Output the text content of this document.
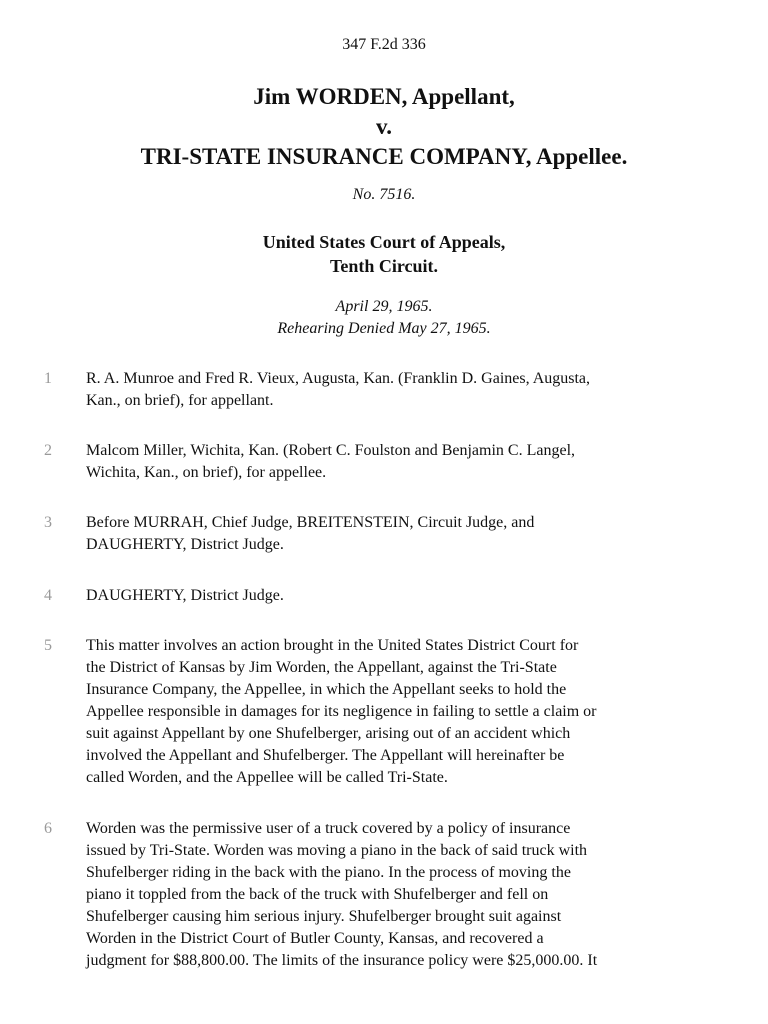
347 F.2d 336
Jim WORDEN, Appellant,
v.
TRI-STATE INSURANCE COMPANY, Appellee.
No. 7516.
United States Court of Appeals,
Tenth Circuit.
April 29, 1965.
Rehearing Denied May 27, 1965.
1	R. A. Munroe and Fred R. Vieux, Augusta, Kan. (Franklin D. Gaines, Augusta,
Kan., on brief), for appellant.
2	Malcom Miller, Wichita, Kan. (Robert C. Foulston and Benjamin C. Langel,
Wichita, Kan., on brief), for appellee.
3	Before MURRAH, Chief Judge, BREITENSTEIN, Circuit Judge, and
DAUGHERTY, District Judge.
4	DAUGHERTY, District Judge.
5	This matter involves an action brought in the United States District Court for
the District of Kansas by Jim Worden, the Appellant, against the Tri-State
Insurance Company, the Appellee, in which the Appellant seeks to hold the
Appellee responsible in damages for its negligence in failing to settle a claim or
suit against Appellant by one Shufelberger, arising out of an accident which
involved the Appellant and Shufelberger. The Appellant will hereinafter be
called Worden, and the Appellee will be called Tri-State.
6	Worden was the permissive user of a truck covered by a policy of insurance
issued by Tri-State. Worden was moving a piano in the back of said truck with
Shufelberger riding in the back with the piano. In the process of moving the
piano it toppled from the back of the truck with Shufelberger and fell on
Shufelberger causing him serious injury. Shufelberger brought suit against
Worden in the District Court of Butler County, Kansas, and recovered a
judgment for $88,800.00. The limits of the insurance policy were $25,000.00. It
